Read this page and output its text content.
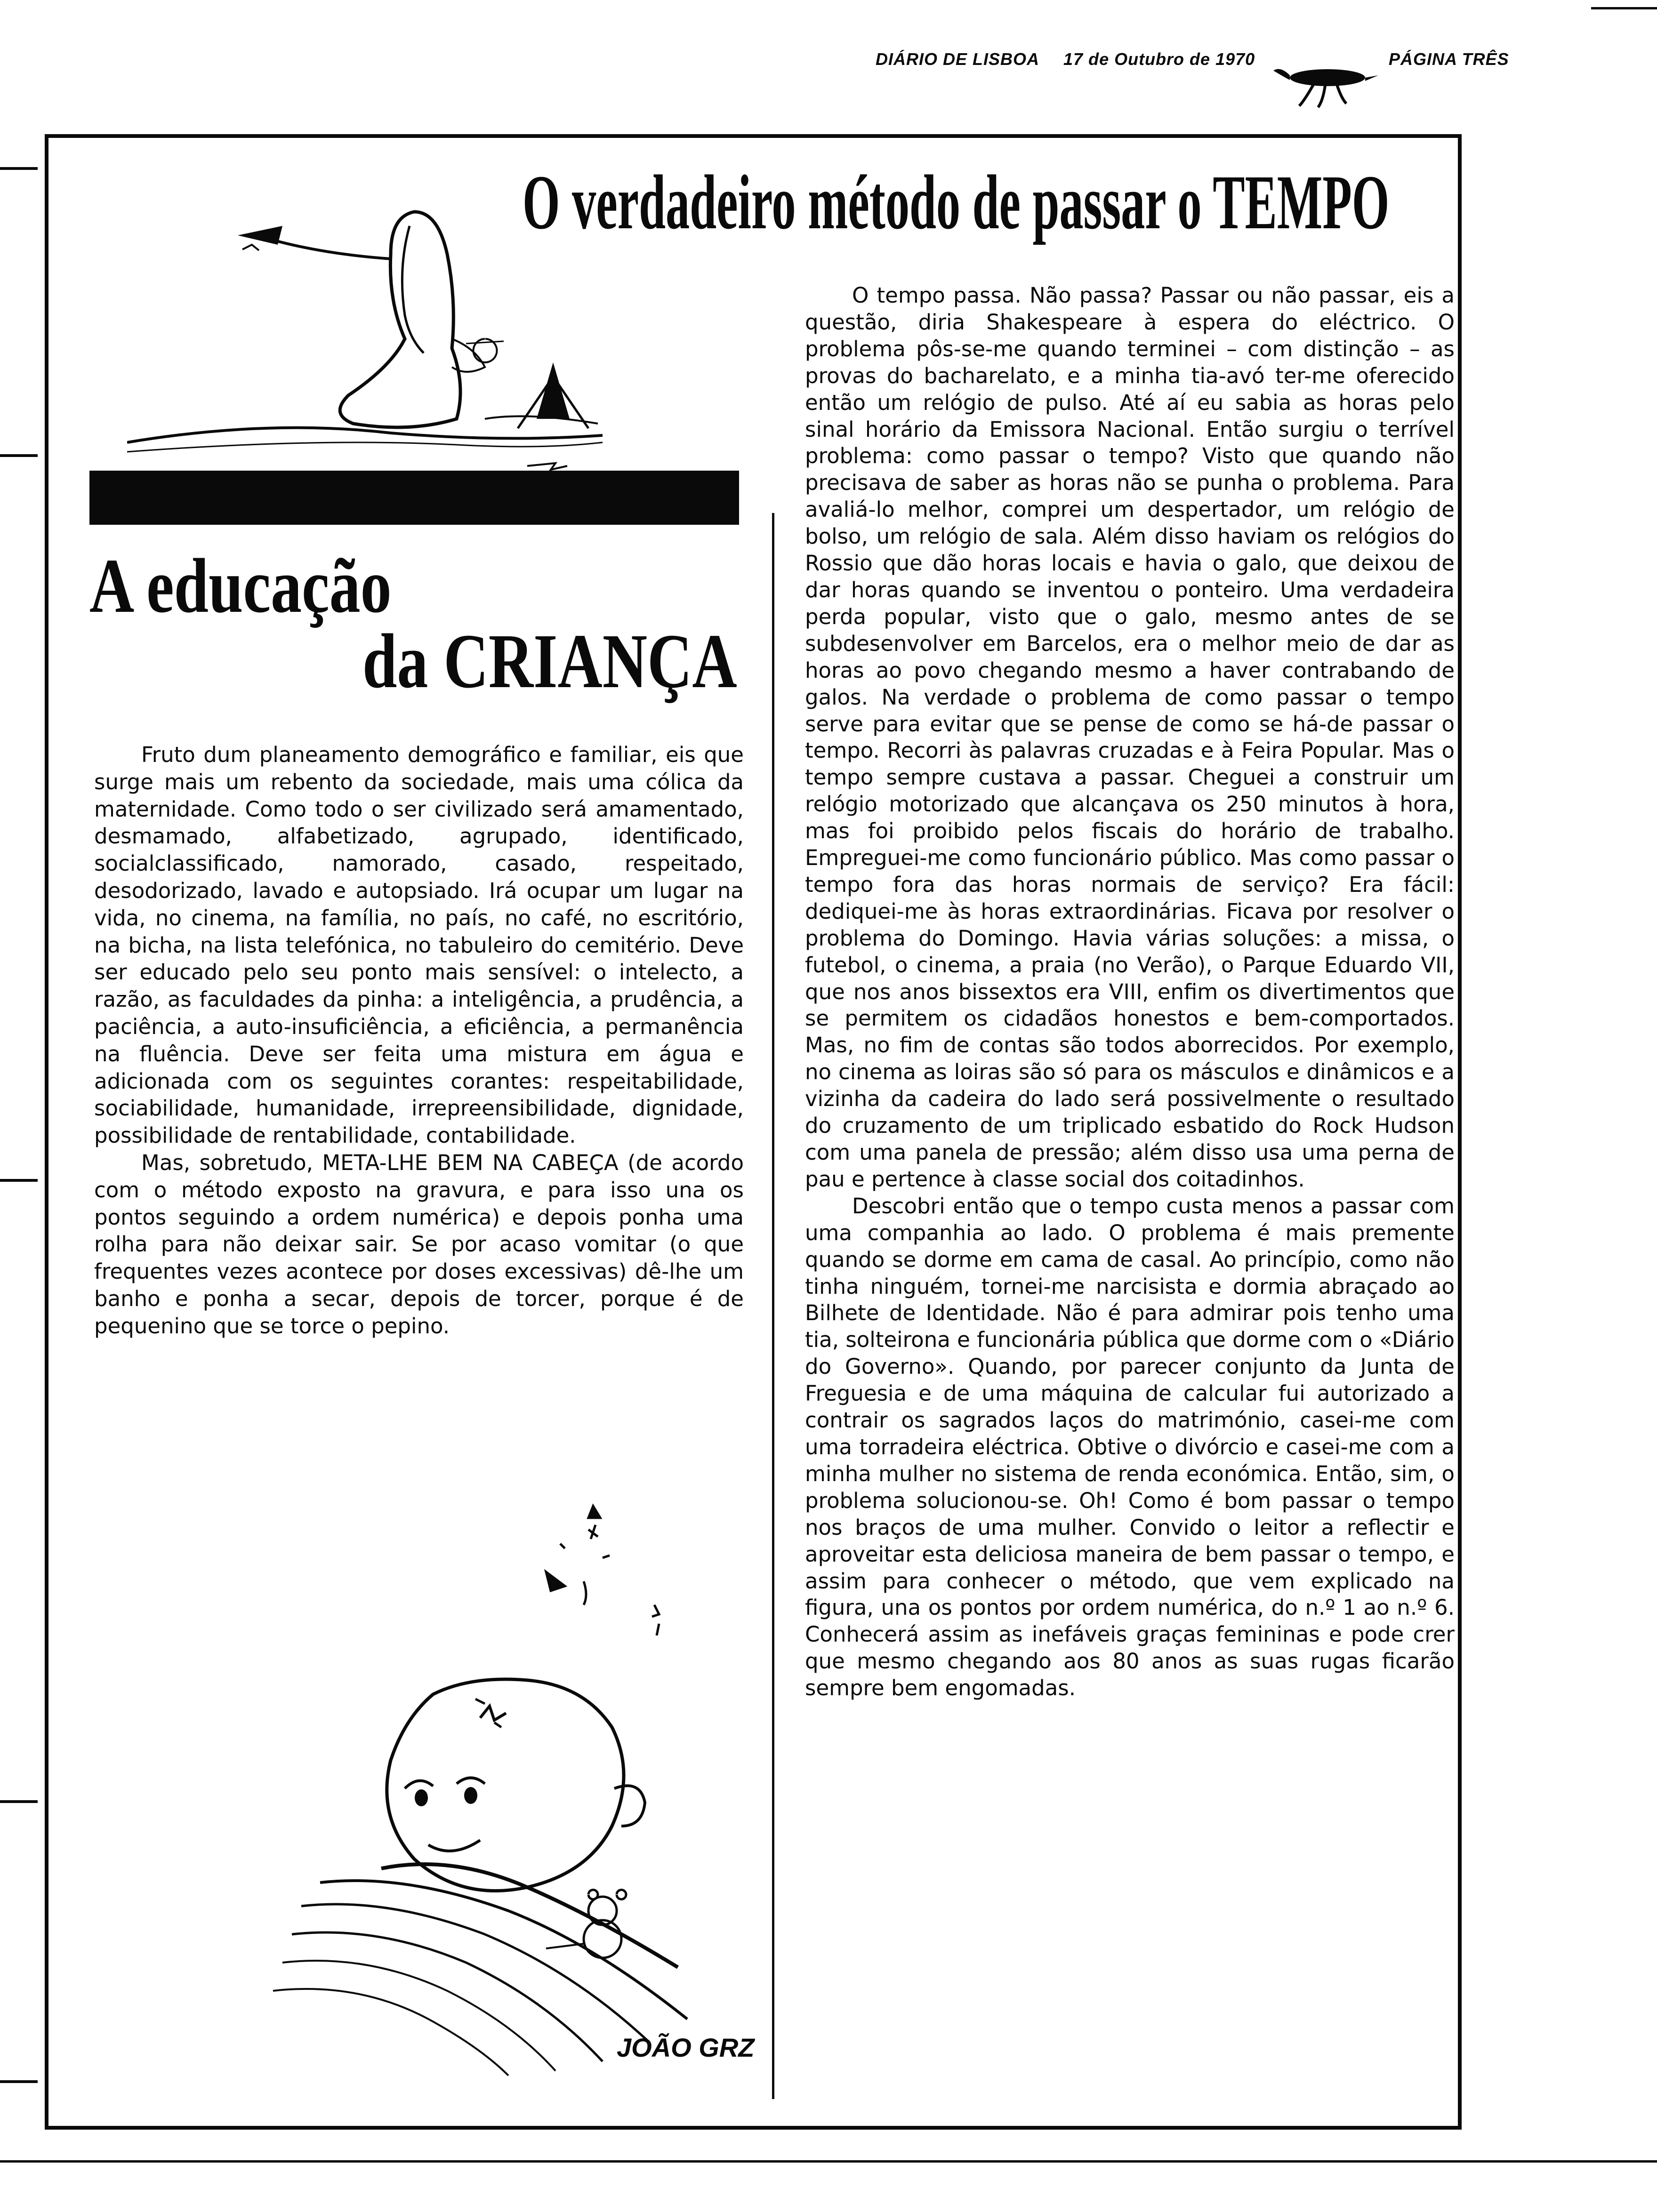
DIÁRIO DE LISBOA 17 de Outubro de 1970	PÁGINA TRÊS
O verdadeiro método de passar o TEMPO
A educação
da CRIANÇA

Fruto dum planeamento demográfico e familiar, eis que surge mais um rebento da sociedade, mais uma cólica da maternidade. Como todo o ser civilizado será amamentado, desmamado, alfabetizado, agrupado, identificado, socialclassificado, namorado, casado, respeitado, desodorizado, lavado e autopsiado. Irá ocupar um lugar na vida, no cinema, na família, no país, no café, no escritório, na bicha, na lista telefónica, no tabuleiro do cemitério. Deve ser educado pelo seu ponto mais sensível: o intelecto, a razão, as faculdades da pinha: a inteligência, a prudência, a paciência, a auto-insuficiência, a eficiência, a permanência na fluência. Deve ser feita uma mistura em água e adicionada com os seguintes corantes: respeitabilidade, sociabilidade, humanidade, irrepreensibilidade, dignidade, possibilidade de rentabilidade, contabilidade.

Mas, sobretudo, META-LHE BEM NA CABEÇA (de acordo com o método exposto na gravura, e para isso una os pontos seguindo a ordem numérica) e depois ponha uma rolha para não deixar sair. Se por acaso vomitar (o que frequentes vezes acontece por doses excessivas) dê-lhe um banho e ponha a secar, depois de torcer, porque é de pequenino que se torce o pepino.

O tempo passa. Não passa? Passar ou não passar, eis a questão, diria Shakespeare à espera do eléctrico. O problema pôs-se-me quando terminei – com distinção – as provas do bacharelato, e a minha tia-avó ter-me oferecido então um relógio de pulso. Até aí eu sabia as horas pelo sinal horário da Emissora Nacional. Então surgiu o terrível problema: como passar o tempo? Visto que quando não precisava de saber as horas não se punha o problema. Para avaliá-lo melhor, comprei um despertador, um relógio de bolso, um relógio de sala. Além disso haviam os relógios do Rossio que dão horas locais e havia o galo, que deixou de dar horas quando se inventou o ponteiro. Uma verdadeira perda popular, visto que o galo, mesmo antes de se subdesenvolver em Barcelos, era o melhor meio de dar as horas ao povo chegando mesmo a haver contrabando de galos. Na verdade o problema de como passar o tempo serve para evitar que se pense de como se há-de passar o tempo. Recorri às palavras cruzadas e à Feira Popular. Mas o tempo sempre custava a passar. Cheguei a construir um relógio motorizado que alcançava os 250 minutos à hora, mas foi proibido pelos fiscais do horário de trabalho. Empreguei-me como funcionário público. Mas como passar o tempo fora das horas normais de serviço? Era fácil: dediquei-me às horas extraordinárias. Ficava por resolver o problema do Domingo. Havia várias soluções: a missa, o futebol, o cinema, a praia (no Verão), o Parque Eduardo VII, que nos anos bissextos era VIII, enfim os divertimentos que se permitem os cidadãos honestos e bem-comportados. Mas, no fim de contas são todos aborrecidos. Por exemplo, no cinema as loiras são só para os másculos e dinâmicos e a vizinha da cadeira do lado será possivelmente o resultado do cruzamento de um triplicado esbatido do Rock Hudson com uma panela de pressão; além disso usa uma perna de pau e pertence à classe social dos coitadinhos.

Descobri então que o tempo custa menos a passar com uma companhia ao lado. O problema é mais premente quando se dorme em cama de casal. Ao princípio, como não tinha ninguém, tornei-me narcisista e dormia abraçado ao Bilhete de Identidade. Não é para admirar pois tenho uma tia, solteirona e funcionária pública que dorme com o «Diário do Governo». Quando, por parecer conjunto da Junta de Freguesia e de uma máquina de calcular fui autorizado a contrair os sagrados laços do matrimónio, casei-me com uma torradeira eléctrica. Obtive o divórcio e casei-me com a minha mulher no sistema de renda económica. Então, sim, o problema solucionou-se. Oh! Como é bom passar o tempo nos braços de uma mulher. Convido o leitor a reflectir e aproveitar esta deliciosa maneira de bem passar o tempo, e assim para conhecer o método, que vem explicado na figura, una os pontos por ordem numérica, do n.º 1 ao n.º 6. Conhecerá assim as inefáveis graças femininas e pode crer que mesmo chegando aos 80 anos as suas rugas ficarão sempre bem engomadas.

JOÃO GRZ
